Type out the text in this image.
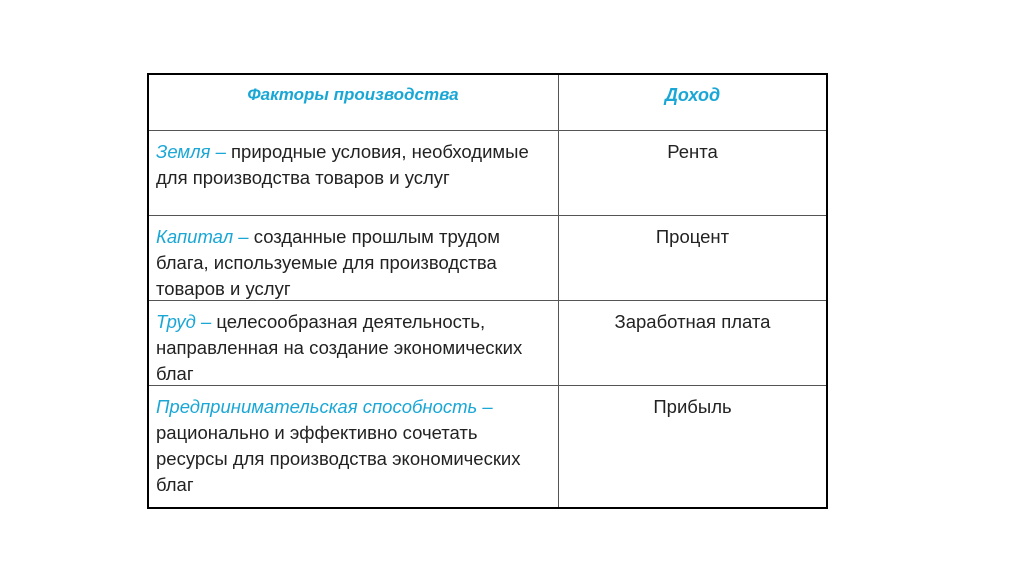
Факторы производства	Доход
Земля – природные условия, необходимые для производства товаров и услуг
Рента
Капитал – созданные прошлым трудом блага, используемые для производства товаров и услуг
Процент
Труд – целесообразная деятельность, направленная на создание экономических благ
Заработная плата
Предпринимательская способность – рационально и эффективно сочетать ресурсы для производства экономических благ
Прибыль
